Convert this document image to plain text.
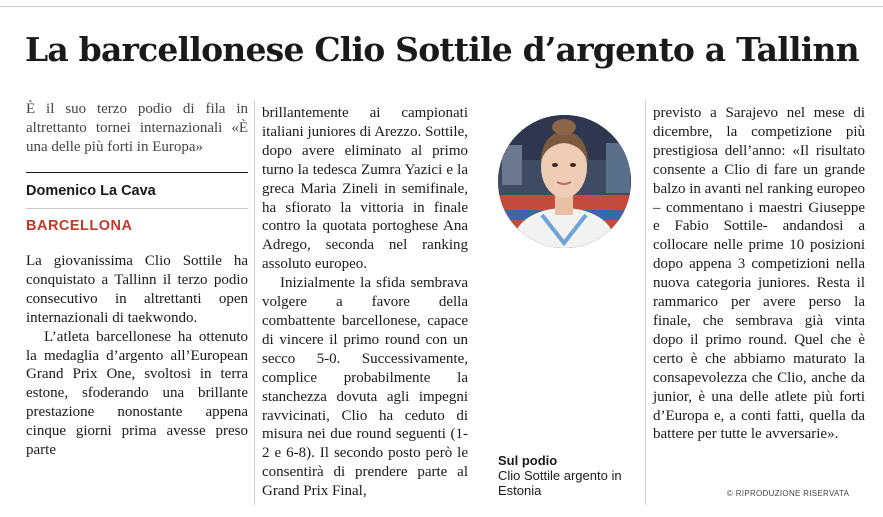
La barcellonese Clio Sottile d’argento a Tallinn

È il suo terzo podio di fila in altrettanto tornei internazionali «È una delle più forti in Europa»

Domenico La Cava
BARCELLONA

La giovanissima Clio Sottile ha conquistato a Tallinn il terzo podio consecutivo in altrettanti open internazionali di taekwondo.

L’atleta barcellonese ha ottenuto la medaglia d’argento all’European Grand Prix One, svoltosi in terra estone, sfoderando una brillante prestazione nonostante appena cinque giorni prima avesse preso parte

brillantemente ai campionati italiani juniores di Arezzo. Sottile, dopo avere eliminato al primo turno la tedesca Zumra Yazici e la greca Maria Zineli in semifinale, ha sfiorato la vittoria in finale contro la quotata portoghese Ana Adrego, seconda nel ranking assoluto europeo.

Inizialmente la sfida sembrava volgere a favore della combattente barcellonese, capace di vincere il primo round con un secco 5-0. Successivamente, complice probabilmente la stanchezza dovuta agli impegni ravvicinati, Clio ha ceduto di misura nei due round seguenti (1-2 e 6-8). Il secondo posto però le consentirà di prendere parte al Grand Prix Final,

Sul podio
Clio Sottile argento in Estonia

previsto a Sarajevo nel mese di dicembre, la competizione più prestigiosa dell’anno: «Il risultato consente a Clio di fare un grande balzo in avanti nel ranking europeo – commentano i maestri Giuseppe e Fabio Sottile- andandosi a collocare nelle prime 10 posizioni dopo appena 3 competizioni nella nuova categoria juniores. Resta il rammarico per avere perso la finale, che sembrava già vinta dopo il primo round. Quel che è certo è che abbiamo maturato la consapevolezza che Clio, anche da junior, è una delle atlete più forti d’Europa e, a conti fatti, quella da battere per tutte le avversarie».

© RIPRODUZIONE RISERVATA
